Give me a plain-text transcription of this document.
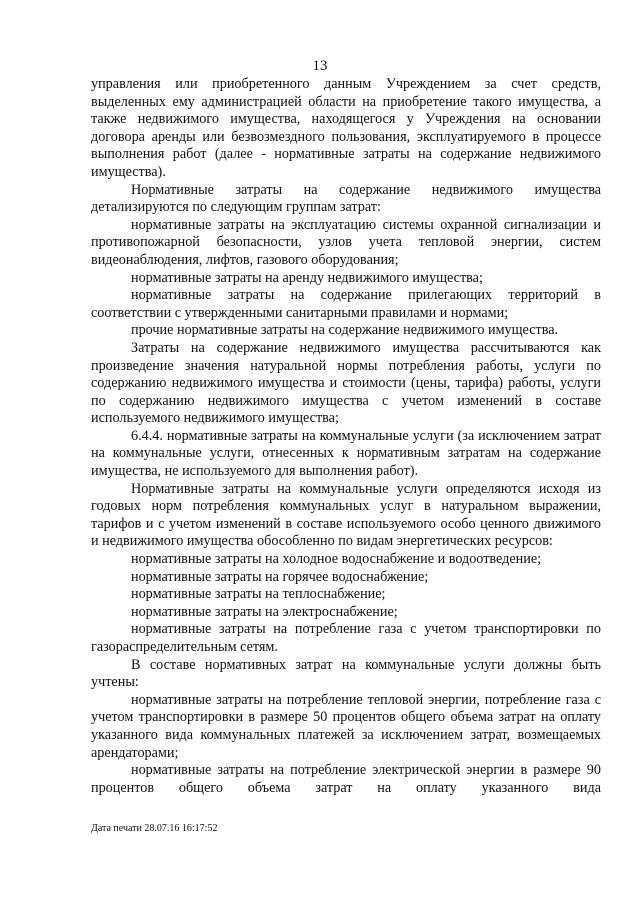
13

управления или приобретенного данным Учреждением за счет средств, выделенных ему администрацией области на приобретение такого имущества, а также недвижимого имущества, находящегося у Учреждения на основании договора аренды или безвозмездного пользования, эксплуатируемого в процессе выполнения работ (далее - нормативные затраты на содержание недвижимого имущества).

Нормативные затраты на содержание недвижимого имущества детализируются по следующим группам затрат:

нормативные затраты на эксплуатацию системы охранной сигнализации и противопожарной безопасности, узлов учета тепловой энергии, систем видеонаблюдения, лифтов, газового оборудования;

нормативные затраты на аренду недвижимого имущества;

нормативные затраты на содержание прилегающих территорий в соответствии с утвержденными санитарными правилами и нормами;

прочие нормативные затраты на содержание недвижимого имущества.

Затраты на содержание недвижимого имущества рассчитываются как произведение значения натуральной нормы потребления работы, услуги по содержанию недвижимого имущества и стоимости (цены, тарифа) работы, услуги по содержанию недвижимого имущества с учетом изменений в составе используемого недвижимого имущества;

6.4.4. нормативные затраты на коммунальные услуги (за исключением затрат на коммунальные услуги, отнесенных к нормативным затратам на содержание имущества, не используемого для выполнения работ).

Нормативные затраты на коммунальные услуги определяются исходя из годовых норм потребления коммунальных услуг в натуральном выражении, тарифов и с учетом изменений в составе используемого особо ценного движимого и недвижимого имущества обособленно по видам энергетических ресурсов:

нормативные затраты на холодное водоснабжение и водоотведение;

нормативные затраты на горячее водоснабжение;

нормативные затраты на теплоснабжение;

нормативные затраты на электроснабжение;

нормативные затраты на потребление газа с учетом транспортировки по газораспределительным сетям.

В составе нормативных затрат на коммунальные услуги должны быть учтены:

нормативные затраты на потребление тепловой энергии, потребление газа с учетом транспортировки в размере 50 процентов общего объема затрат на оплату указанного вида коммунальных платежей за исключением затрат, возмещаемых арендаторами;

нормативные затраты на потребление электрической энергии в размере 90 процентов общего объема затрат на оплату указанного вида

Дата печати 28.07.16 16:17:52
